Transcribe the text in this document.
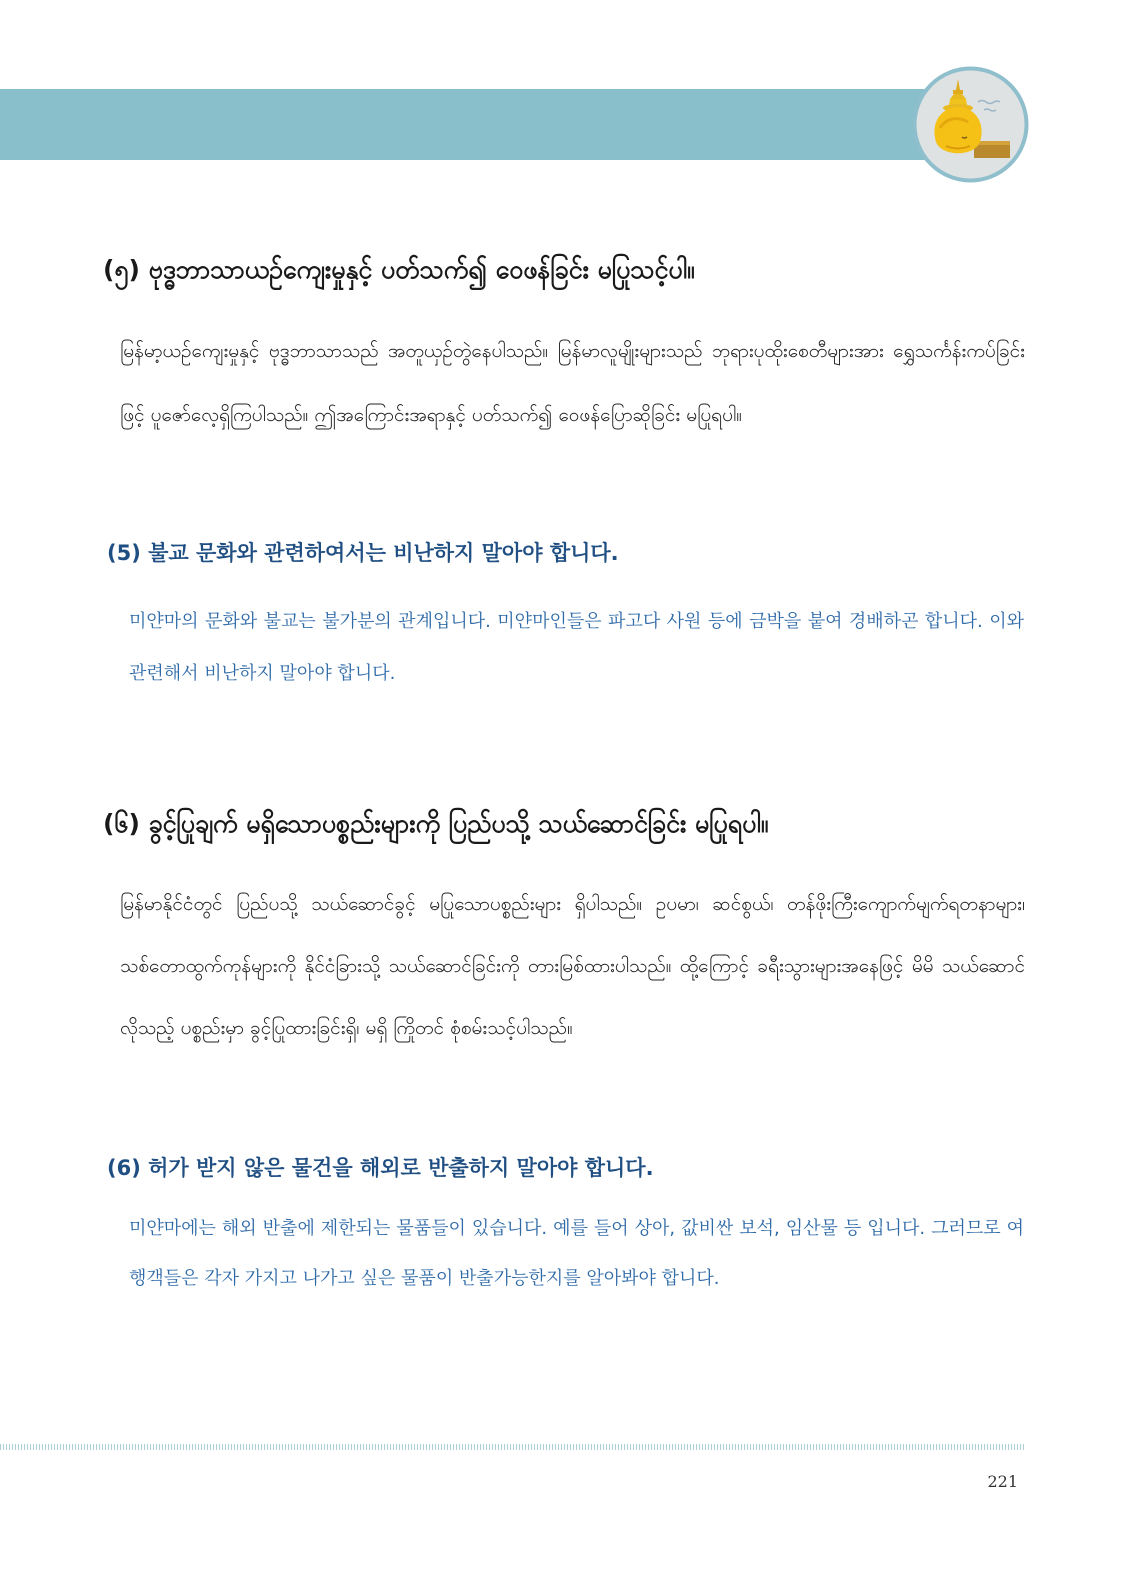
(၅) ဗုဒ္ဓဘာသာယဉ်ကျေးမှုနှင့် ပတ်သက်၍ ဝေဖန်ခြင်း မပြုသင့်ပါ။
မြန်မာ့ယဉ်ကျေးမှုနှင့် ဗုဒ္ဓဘာသာသည် အတူယှဉ်တွဲနေပါသည်။ မြန်မာလူမျိုးများသည် ဘုရားပုထိုးစေတီများအား ရွှေသင်္ကန်းကပ်ခြင်းဖြင့် ပူဇော်လေ့ရှိကြပါသည်။ ဤအကြောင်းအရာနှင့် ပတ်သက်၍ ဝေဖန်ပြောဆိုခြင်း မပြုရပါ။
(5) 불교 문화와 관련하여서는 비난하지 말아야 합니다.
미얀마의 문화와 불교는 불가분의 관계입니다. 미얀마인들은 파고다 사원 등에 금박을 붙여 경배하곤 합니다. 이와 관련해서 비난하지 말아야 합니다.
(၆) ခွင့်ပြုချက် မရှိသောပစ္စည်းများကို ပြည်ပသို့ သယ်ဆောင်ခြင်း မပြုရပါ။
မြန်မာနိုင်ငံတွင် ပြည်ပသို့ သယ်ဆောင်ခွင့် မပြုသောပစ္စည်းများ ရှိပါသည်။ ဥပမာ၊ ဆင်စွယ်၊ တန်ဖိုးကြီးကျောက်မျက်ရတနာများ၊ သစ်တောထွက်ကုန်များကို နိုင်ငံခြားသို့ သယ်ဆောင်ခြင်းကို တားမြစ်ထားပါသည်။ ထို့ကြောင့် ခရီးသွားများအနေဖြင့် မိမိ သယ်ဆောင်လိုသည့် ပစ္စည်းမှာ ခွင့်ပြုထားခြင်းရှိ၊ မရှိ ကြိုတင် စုံစမ်းသင့်ပါသည်။
(6) 허가 받지 않은 물건을 해외로 반출하지 말아야 합니다.
미얀마에는 해외 반출에 제한되는 물품들이 있습니다. 예를 들어 상아, 값비싼 보석, 임산물 등 입니다. 그러므로 여행객들은 각자 가지고 나가고 싶은 물품이 반출가능한지를 알아봐야 합니다.
221
